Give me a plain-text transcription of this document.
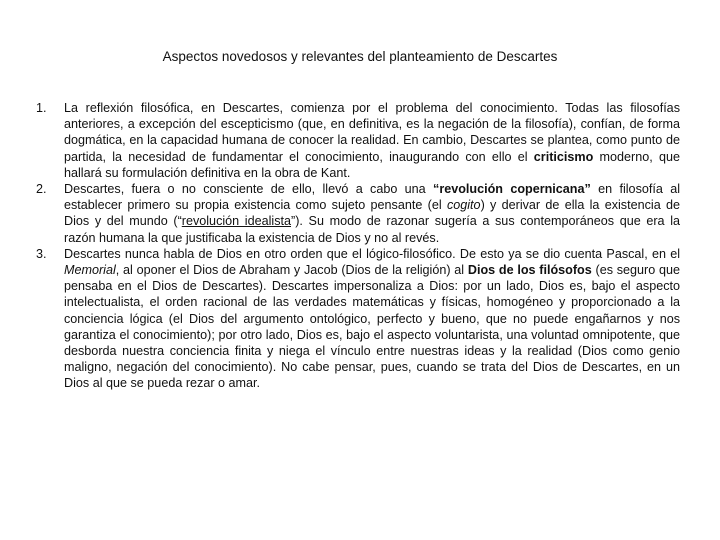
Aspectos novedosos y relevantes del planteamiento de Descartes
1. La reflexión filosófica, en Descartes, comienza por el problema del conocimiento. Todas las filosofías anteriores, a excepción del escepticismo (que, en definitiva, es la negación de la filosofía), confían, de forma dogmática, en la capacidad humana de conocer la realidad. En cambio, Descartes se plantea, como punto de partida, la necesidad de fundamentar el conocimiento, inaugurando con ello el criticismo moderno, que hallará su formulación definitiva en la obra de Kant.
2. Descartes, fuera o no consciente de ello, llevó a cabo una “revolución copernicana” en filosofía al establecer primero su propia existencia como sujeto pensante (el cogito) y derivar de ella la existencia de Dios y del mundo (“revolución idealista”). Su modo de razonar sugería a sus contemporáneos que era la razón humana la que justificaba la existencia de Dios y no al revés.
3. Descartes nunca habla de Dios en otro orden que el lógico-filosófico. De esto ya se dio cuenta Pascal, en el Memorial, al oponer el Dios de Abraham y Jacob (Dios de la religión) al Dios de los filósofos (es seguro que pensaba en el Dios de Descartes). Descartes impersonaliza a Dios: por un lado, Dios es, bajo el aspecto intelectualista, el orden racional de las verdades matemáticas y físicas, homogéneo y proporcionado a la conciencia lógica (el Dios del argumento ontológico, perfecto y bueno, que no puede engañarnos y nos garantiza el conocimiento); por otro lado, Dios es, bajo el aspecto voluntarista, una voluntad omnipotente, que desborda nuestra conciencia finita y niega el vínculo entre nuestras ideas y la realidad (Dios como genio maligno, negación del conocimiento). No cabe pensar, pues, cuando se trata del Dios de Descartes, en un Dios al que se pueda rezar o amar.
